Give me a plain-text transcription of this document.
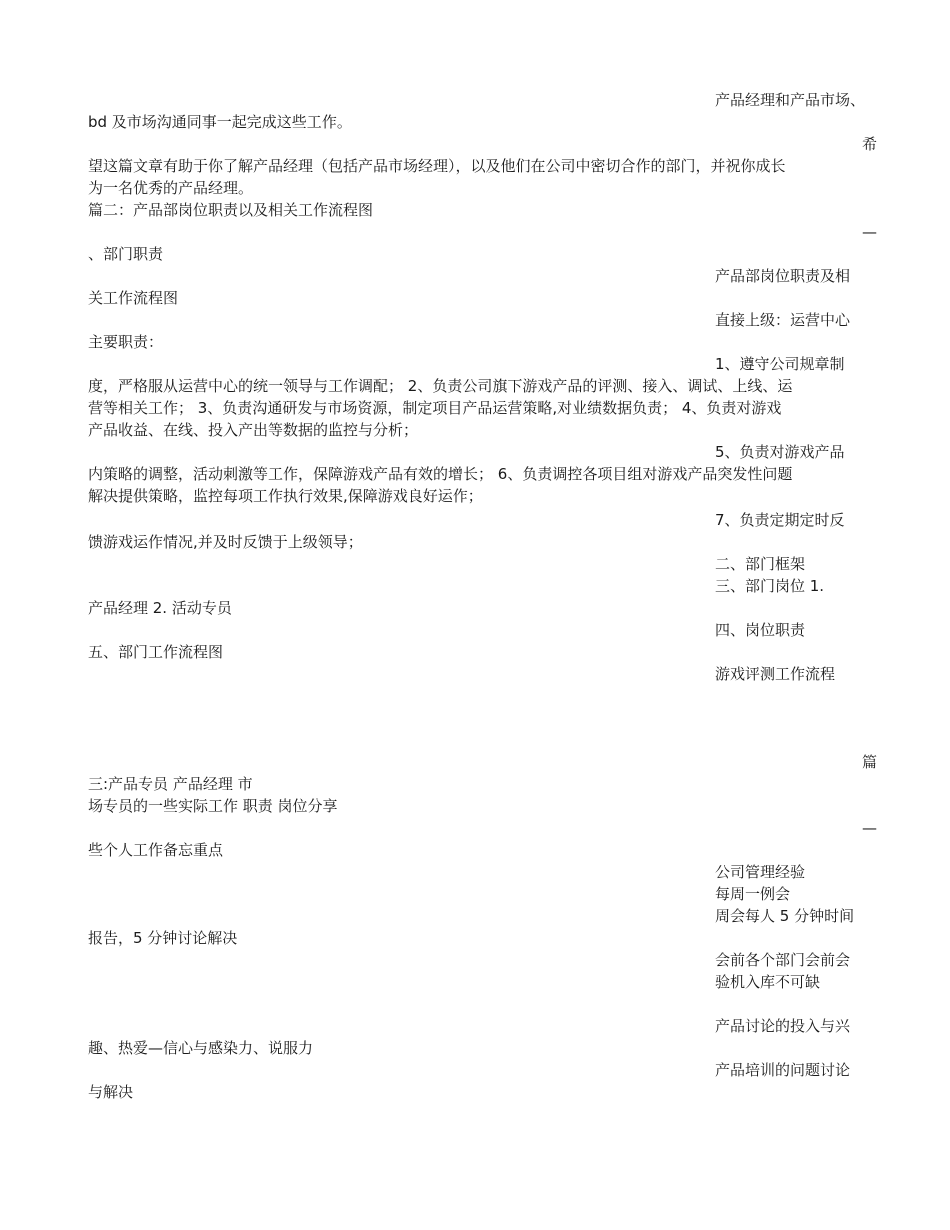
产品经理和产品市场、
bd 及市场沟通同事一起完成这些工作。
希
望这篇文章有助于你了解产品经理（包括产品市场经理），以及他们在公司中密切合作的部门，并祝你成长
为一名优秀的产品经理。
篇二：产品部岗位职责以及相关工作流程图
—
、部门职责
产品部岗位职责及相
关工作流程图
直接上级：运营中心
主要职责：
1、遵守公司规章制
度，严格服从运营中心的统一领导与工作调配； 2、负责公司旗下游戏产品的评测、接入、调试、上线、运
营等相关工作； 3、负责沟通研发与市场资源，制定项目产品运营策略,对业绩数据负责； 4、负责对游戏
产品收益、在线、投入产出等数据的监控与分析；
5、负责对游戏产品
内策略的调整，活动刺激等工作，保障游戏产品有效的增长； 6、负责调控各项目组对游戏产品突发性问题
解决提供策略，监控每项工作执行效果,保障游戏良好运作；
7、负责定期定时反
馈游戏运作情况,并及时反馈于上级领导；
二、部门框架
三、部门岗位 1.
产品经理 2. 活动专员
四、岗位职责
五、部门工作流程图
游戏评测工作流程
篇
三:产品专员 产品经理 市
场专员的一些实际工作 职责 岗位分享
—
些个人工作备忘重点
公司管理经验
每周一例会
周会每人 5 分钟时间
报告，5 分钟讨论解决
会前各个部门会前会
验机入库不可缺
产品讨论的投入与兴
趣、热爱—信心与感染力、说服力
产品培训的问题讨论
与解决
